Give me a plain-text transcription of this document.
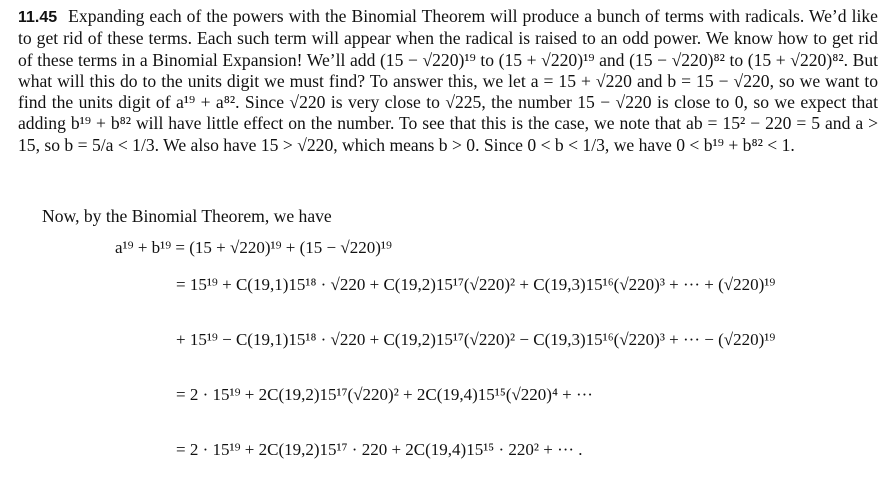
11.45 Expanding each of the powers with the Binomial Theorem will produce a bunch of terms with radicals. We’d like to get rid of these terms. Each such term will appear when the radical is raised to an odd power. We know how to get rid of these terms in a Binomial Expansion! We’ll add (15 − √220)¹⁹ to (15 + √220)¹⁹ and (15 − √220)⁸² to (15 + √220)⁸². But what will this do to the units digit we must find? To answer this, we let a = 15 + √220 and b = 15 − √220, so we want to find the units digit of a¹⁹ + a⁸². Since √220 is very close to √225, the number 15 − √220 is close to 0, so we expect that adding b¹⁹ + b⁸² will have little effect on the number. To see that this is the case, we note that ab = 15² − 220 = 5 and a > 15, so b = 5/a < 1/3. We also have 15 > √220, which means b > 0. Since 0 < b < 1/3, we have 0 < b¹⁹ + b⁸² < 1.
Now, by the Binomial Theorem, we have
a¹⁹ + b¹⁹ = (15 + √220)¹⁹ + (15 − √220)¹⁹
= 15¹⁹ + C(19,1)15¹⁸ · √220 + C(19,2)15¹⁷(√220)² + C(19,3)15¹⁶(√220)³ + ··· + (√220)¹⁹
+ 15¹⁹ − C(19,1)15¹⁸ · √220 + C(19,2)15¹⁷(√220)² − C(19,3)15¹⁶(√220)³ + ··· − (√220)¹⁹
= 2 · 15¹⁹ + 2C(19,2)15¹⁷(√220)² + 2C(19,4)15¹⁵(√220)⁴ + ···
= 2 · 15¹⁹ + 2C(19,2)15¹⁷ · 220 + 2C(19,4)15¹⁵ · 220² + ··· .
